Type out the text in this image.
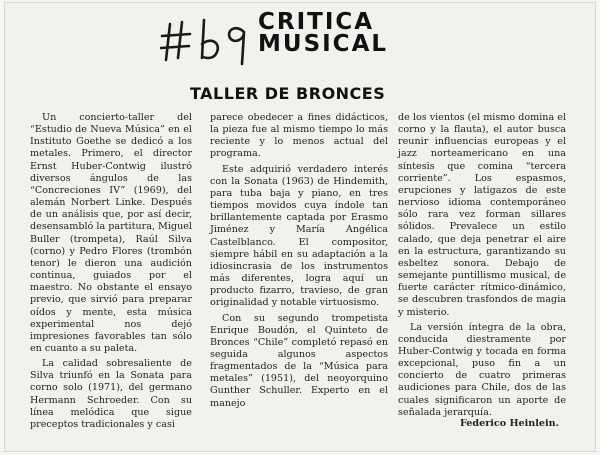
CRITICA
MUSICAL
TALLER DE BRONCES

Un concierto-taller del “Estudio de Nueva Música” en el Instituto Goethe se dedicó a los metales. Primero, el director Ernst Huber-Contwig ilustró diversos ángulos de las “Concreciones IV” (1969), del alemán Norbert Linke. Después de un análisis que, por así decir, desensambló la partitura, Miguel Buller (trompeta), Raúl Silva (corno) y Pedro Flores (trombón tenor) le dieron una audición continua, guiados por el maestro. No obstante el ensayo previo, que sirvió para preparar oídos y mente, esta música experimental nos dejó impresiones favorables tan sólo en cuanto a su paleta.

La calidad sobresaliente de Silva triunfó en la Sonata para corno solo (1971), del germano Hermann Schroeder. Con su línea melódica que sigue preceptos tradicionales y casi

parece obedecer a fines didácticos, la pieza fue al mismo tiempo lo más reciente y lo menos actual del programa.

Este adquirió verdadero interés con la Sonata (1963) de Hindemith, para tuba baja y piano, en tres tiempos movidos cuya índole tan brillantemente captada por Erasmo Jiménez y María Angélica Castelblanco. El compositor, siempre hábil en su adaptación a la idiosincrasia de los instrumentos más diferentes, logra aquí un producto fizarro, travieso, de gran originalidad y notable virtuosismo.

Con su segundo trompetista Enrique Boudón, el Quinteto de Bronces “Chile” completó repasó en seguida algunos aspectos fragmentados de la “Música para metales” (1951), del neoyorquino Gunther Schuller. Experto en el manejo

de los vientos (el mismo domina el corno y la flauta), el autor busca reunir influencias europeas y el jazz norteamericano en una síntesis que comina “tercera corriente”. Los espasmos, erupciones y latigazos de este nervioso idioma contemporáneo sólo rara vez forman sillares sólidos. Prevalece un estilo calado, que deja penetrar el aire en la estructura, garantizando su esbeltez sonora. Debajo de semejante puntillismo musical, de fuerte carácter rítmico-dinámico, se descubren trasfondos de magia y misterio.

La versión íntegra de la obra, conducida diestramente por Huber-Contwig y tocada en forma excepcional, puso fin a un concierto de cuatro primeras audiciones para Chile, dos de las cuales significaron un aporte de señalada jerarquía.

Federico Heinlein.
